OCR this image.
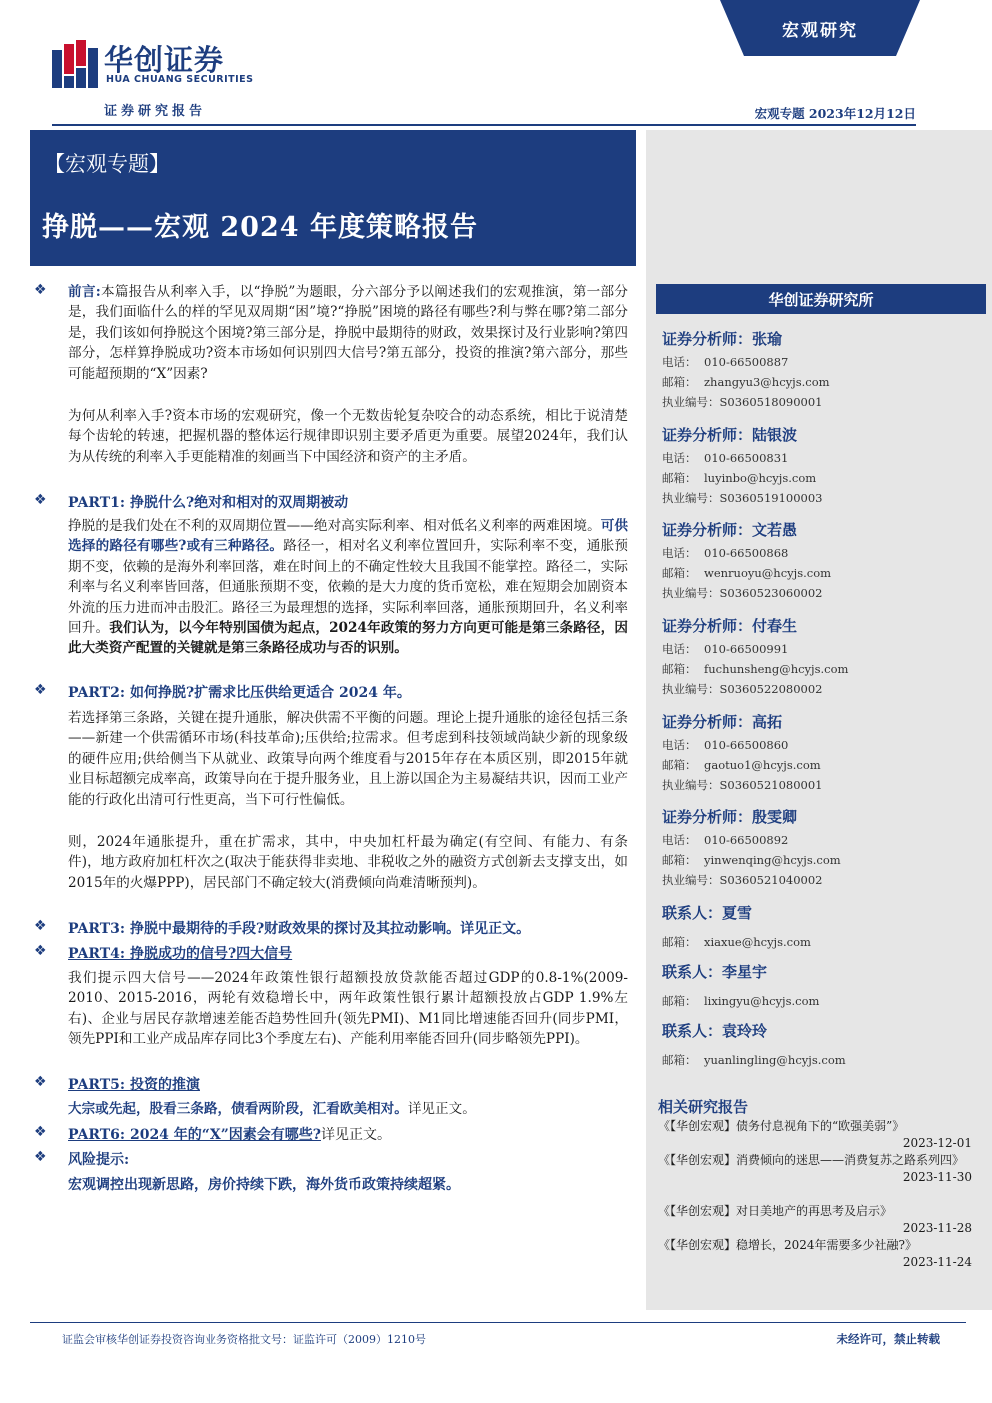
华创证券
HUA CHUANG SECURITIES
证券研究报告
宏观研究
宏观专题 2023年12月12日
【宏观专题】
挣脱——宏观 2024 年度策略报告
华创证券研究所
证券分析师：张瑜
电话： 010-66500887
邮箱： zhangyu3@hcyjs.com
执业编号：S0360518090001
证券分析师：陆银波
电话： 010-66500831
邮箱： luyinbo@hcyjs.com
执业编号：S0360519100003
证券分析师：文若愚
电话： 010-66500868
邮箱： wenruoyu@hcyjs.com
执业编号：S0360523060002
证券分析师：付春生
电话： 010-66500991
邮箱： fuchunsheng@hcyjs.com
执业编号：S0360522080002
证券分析师：高拓
电话： 010-66500860
邮箱： gaotuo1@hcyjs.com
执业编号：S0360521080001
证券分析师：殷雯卿
电话： 010-66500892
邮箱： yinwenqing@hcyjs.com
执业编号：S0360521040002
联系人：夏雪
邮箱： xiaxue@hcyjs.com
联系人：李星宇
邮箱： lixingyu@hcyjs.com
联系人：袁玲玲
邮箱： yuanlingling@hcyjs.com
相关研究报告
《【华创宏观】债务付息视角下的“欧强美弱”》
2023-12-01
《【华创宏观】消费倾向的迷思——消费复苏之路系列四》
2023-11-30
《【华创宏观】对日美地产的再思考及启示》
2023-11-28
《【华创宏观】稳增长，2024年需要多少社融?》
2023-11-24
❖ 前言:本篇报告从利率入手，以“挣脱”为题眼，分六部分予以阐述我们的宏观推演，第一部分是，我们面临什么的样的罕见双周期“困”境?“挣脱”困境的路径有哪些?利与弊在哪?第二部分是，我们该如何挣脱这个困境?第三部分是，挣脱中最期待的财政，效果探讨及行业影响?第四部分，怎样算挣脱成功?资本市场如何识别四大信号?第五部分，投资的推演?第六部分，那些可能超预期的“X”因素?
为何从利率入手?资本市场的宏观研究，像一个无数齿轮复杂咬合的动态系统，相比于说清楚每个齿轮的转速，把握机器的整体运行规律即识别主要矛盾更为重要。展望2024年，我们认为从传统的利率入手更能精准的刻画当下中国经济和资产的主矛盾。
❖ PART1: 挣脱什么?绝对和相对的双周期被动
挣脱的是我们处在不利的双周期位置——绝对高实际利率、相对低名义利率的两难困境。可供选择的路径有哪些?或有三种路径。路径一，相对名义利率位置回升，实际利率不变，通胀预期不变，依赖的是海外利率回落，难在时间上的不确定性较大且我国不能掌控。路径二，实际利率与名义利率皆回落，但通胀预期不变，依赖的是大力度的货币宽松，难在短期会加剧资本外流的压力进而冲击股汇。路径三为最理想的选择，实际利率回落，通胀预期回升，名义利率回升。我们认为，以今年特别国债为起点，2024年政策的努力方向更可能是第三条路径，因此大类资产配置的关键就是第三条路径成功与否的识别。
❖ PART2: 如何挣脱?扩需求比压供给更适合 2024 年。
若选择第三条路，关键在提升通胀，解决供需不平衡的问题。理论上提升通胀的途径包括三条——新建一个供需循环市场(科技革命);压供给;拉需求。但考虑到科技领域尚缺少新的现象级的硬件应用;供给侧当下从就业、政策导向两个维度看与2015年存在本质区别，即2015年就业目标超额完成率高，政策导向在于提升服务业，且上游以国企为主易凝结共识，因而工业产能的行政化出清可行性更高，当下可行性偏低。
则，2024年通胀提升，重在扩需求，其中，中央加杠杆最为确定(有空间、有能力、有条件)，地方政府加杠杆次之(取决于能获得非卖地、非税收之外的融资方式创新去支撑支出，如2015年的火爆PPP)，居民部门不确定较大(消费倾向尚难清晰预判)。
❖ PART3: 挣脱中最期待的手段?财政效果的探讨及其拉动影响。详见正文。
❖ PART4: 挣脱成功的信号?四大信号
我们提示四大信号——2024年政策性银行超额投放贷款能否超过GDP的0.8-1%(2009-2010、2015-2016，两轮有效稳增长中，两年政策性银行累计超额投放占GDP 1.9%左右)、企业与居民存款增速差能否趋势性回升(领先PMI)、M1同比增速能否回升(同步PMI，领先PPI和工业产成品库存同比3个季度左右)、产能利用率能否回升(同步略领先PPI)。
❖ PART5: 投资的推演
大宗或先起，股看三条路，债看两阶段，汇看欧美相对。详见正文。
❖ PART6: 2024 年的“X”因素会有哪些?详见正文。
❖ 风险提示:
宏观调控出现新思路，房价持续下跌，海外货币政策持续超紧。
证监会审核华创证券投资咨询业务资格批文号：证监许可（2009）1210号	未经许可，禁止转载
